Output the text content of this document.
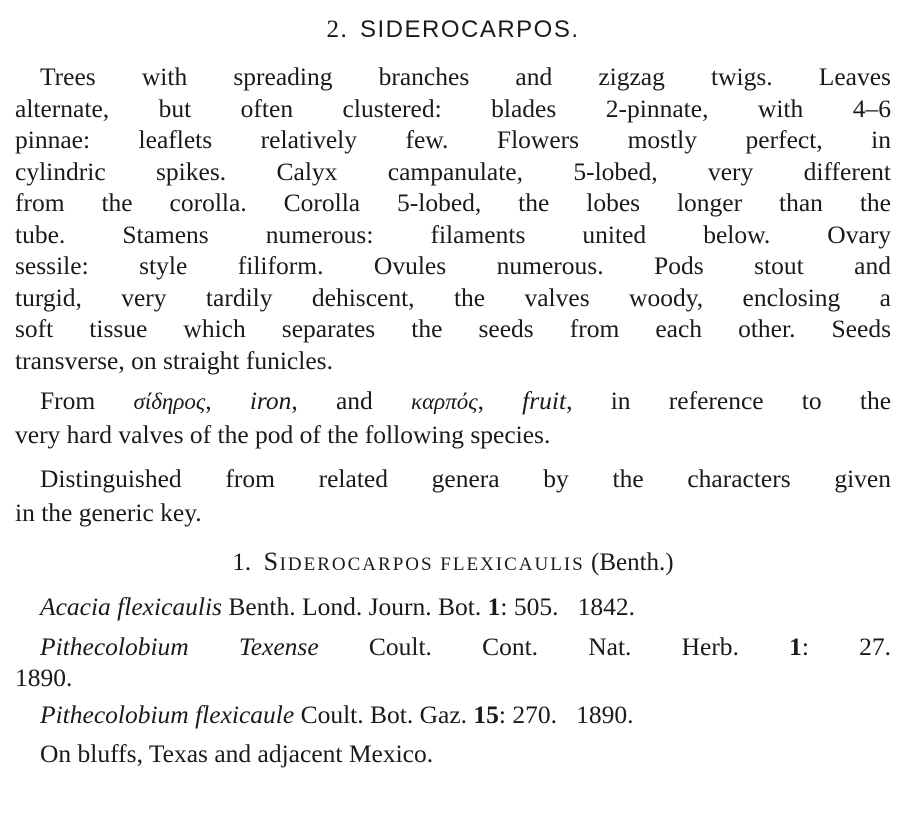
2. SIDEROCARPOS.
Trees with spreading branches and zigzag twigs. Leaves
alternate, but often clustered: blades 2-pinnate, with 4–6
pinnae: leaflets relatively few. Flowers mostly perfect, in
cylindric spikes. Calyx campanulate, 5-lobed, very different
from the corolla. Corolla 5-lobed, the lobes longer than the
tube. Stamens numerous: filaments united below. Ovary
sessile: style filiform. Ovules numerous. Pods stout and
turgid, very tardily dehiscent, the valves woody, enclosing a
soft tissue which separates the seeds from each other. Seeds
transverse, on straight funicles.
From σίδηρος, iron, and καρπός, fruit, in reference to the
very hard valves of the pod of the following species.
Distinguished from related genera by the characters given
in the generic key.
1. SIDEROCARPOS FLEXICAULIS (Benth.)
Acacia flexicaulis Benth. Lond. Journ. Bot. 1: 505. 1842.
Pithecolobium Texense Coult. Cont. Nat. Herb. 1: 27.
1890.
Pithecolobium flexicaule Coult. Bot. Gaz. 15: 270. 1890.
On bluffs, Texas and adjacent Mexico.
